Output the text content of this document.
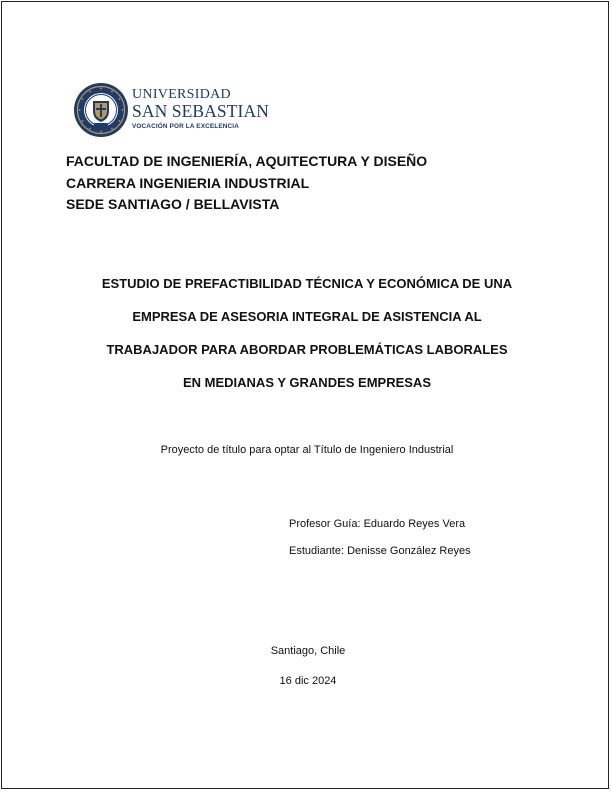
UNIVERSIDAD
SAN SEBASTIAN
VOCACIÓN POR LA EXCELENCIA
FACULTAD DE INGENIERÍA, AQUITECTURA Y DISEÑO
CARRERA INGENIERIA INDUSTRIAL
SEDE SANTIAGO / BELLAVISTA
ESTUDIO DE PREFACTIBILIDAD TÉCNICA Y ECONÓMICA DE UNA
EMPRESA DE ASESORIA INTEGRAL DE ASISTENCIA AL
TRABAJADOR PARA ABORDAR PROBLEMÁTICAS LABORALES
EN MEDIANAS Y GRANDES EMPRESAS
Proyecto de título para optar al Título de Ingeniero Industrial
Profesor Guía: Eduardo Reyes Vera
Estudiante: Denisse González Reyes
Santiago, Chile
16 dic 2024
